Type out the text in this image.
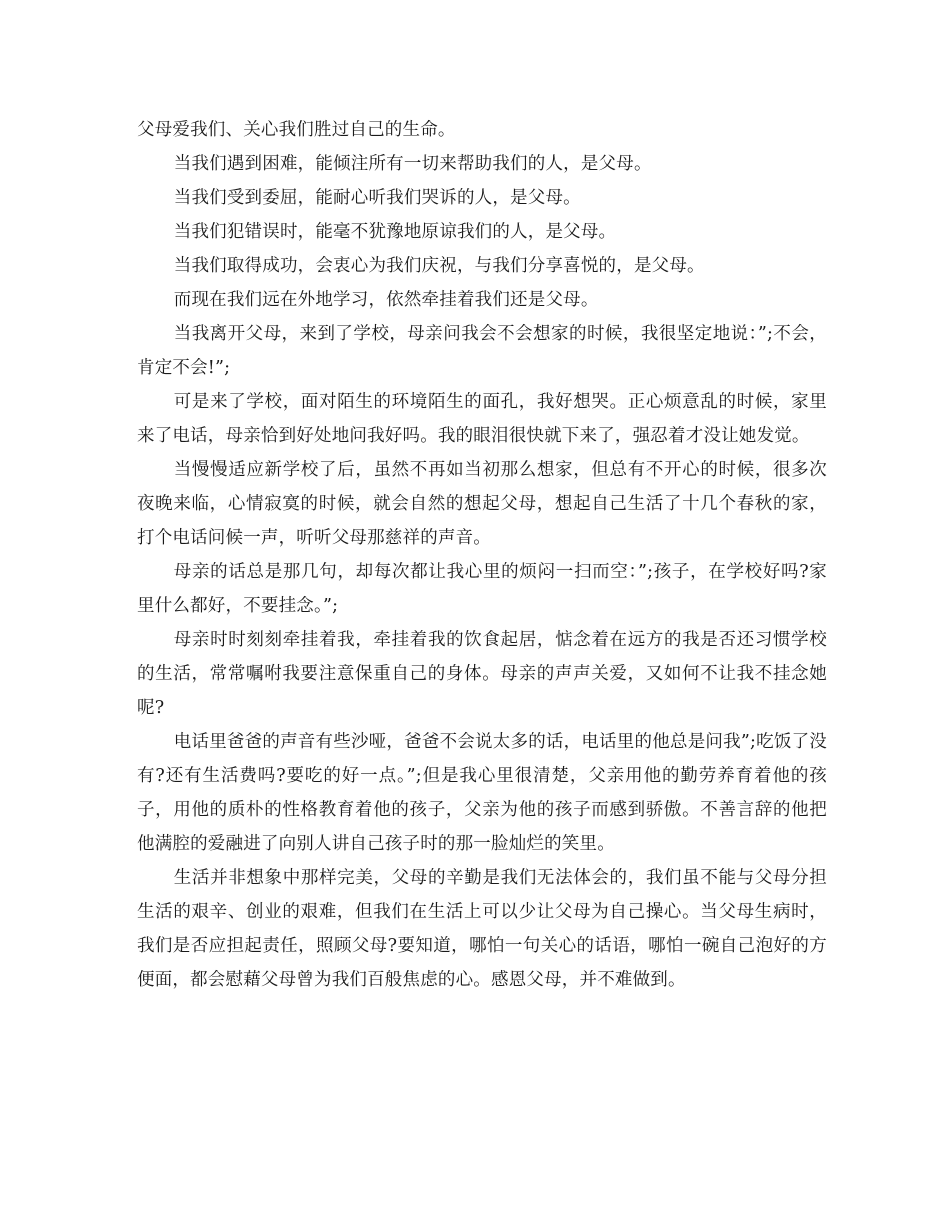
父母爱我们、关心我们胜过自己的生命。

当我们遇到困难，能倾注所有一切来帮助我们的人，是父母。

当我们受到委屈，能耐心听我们哭诉的人，是父母。

当我们犯错误时，能毫不犹豫地原谅我们的人，是父母。

当我们取得成功，会衷心为我们庆祝，与我们分享喜悦的，是父母。

而现在我们远在外地学习，依然牵挂着我们还是父母。

当我离开父母，来到了学校，母亲问我会不会想家的时候，我很坚定地说：”;不会，肯定不会!”;

可是来了学校，面对陌生的环境陌生的面孔，我好想哭。正心烦意乱的时候，家里来了电话，母亲恰到好处地问我好吗。我的眼泪很快就下来了，强忍着才没让她发觉。

当慢慢适应新学校了后，虽然不再如当初那么想家，但总有不开心的时候，很多次夜晚来临，心情寂寞的时候，就会自然的想起父母，想起自己生活了十几个春秋的家，打个电话问候一声，听听父母那慈祥的声音。

母亲的话总是那几句，却每次都让我心里的烦闷一扫而空：”;孩子，在学校好吗?家里什么都好，不要挂念。”;

母亲时时刻刻牵挂着我，牵挂着我的饮食起居，惦念着在远方的我是否还习惯学校的生活，常常嘱咐我要注意保重自己的身体。母亲的声声关爱，又如何不让我不挂念她呢?

电话里爸爸的声音有些沙哑，爸爸不会说太多的话，电话里的他总是问我”;吃饭了没有?还有生活费吗?要吃的好一点。”;但是我心里很清楚，父亲用他的勤劳养育着他的孩子，用他的质朴的性格教育着他的孩子，父亲为他的孩子而感到骄傲。不善言辞的他把他满腔的爱融进了向别人讲自己孩子时的那一脸灿烂的笑里。

生活并非想象中那样完美，父母的辛勤是我们无法体会的，我们虽不能与父母分担生活的艰辛、创业的艰难，但我们在生活上可以少让父母为自己操心。当父母生病时，我们是否应担起责任，照顾父母?要知道，哪怕一句关心的话语，哪怕一碗自己泡好的方便面，都会慰藉父母曾为我们百般焦虑的心。感恩父母，并不难做到。
